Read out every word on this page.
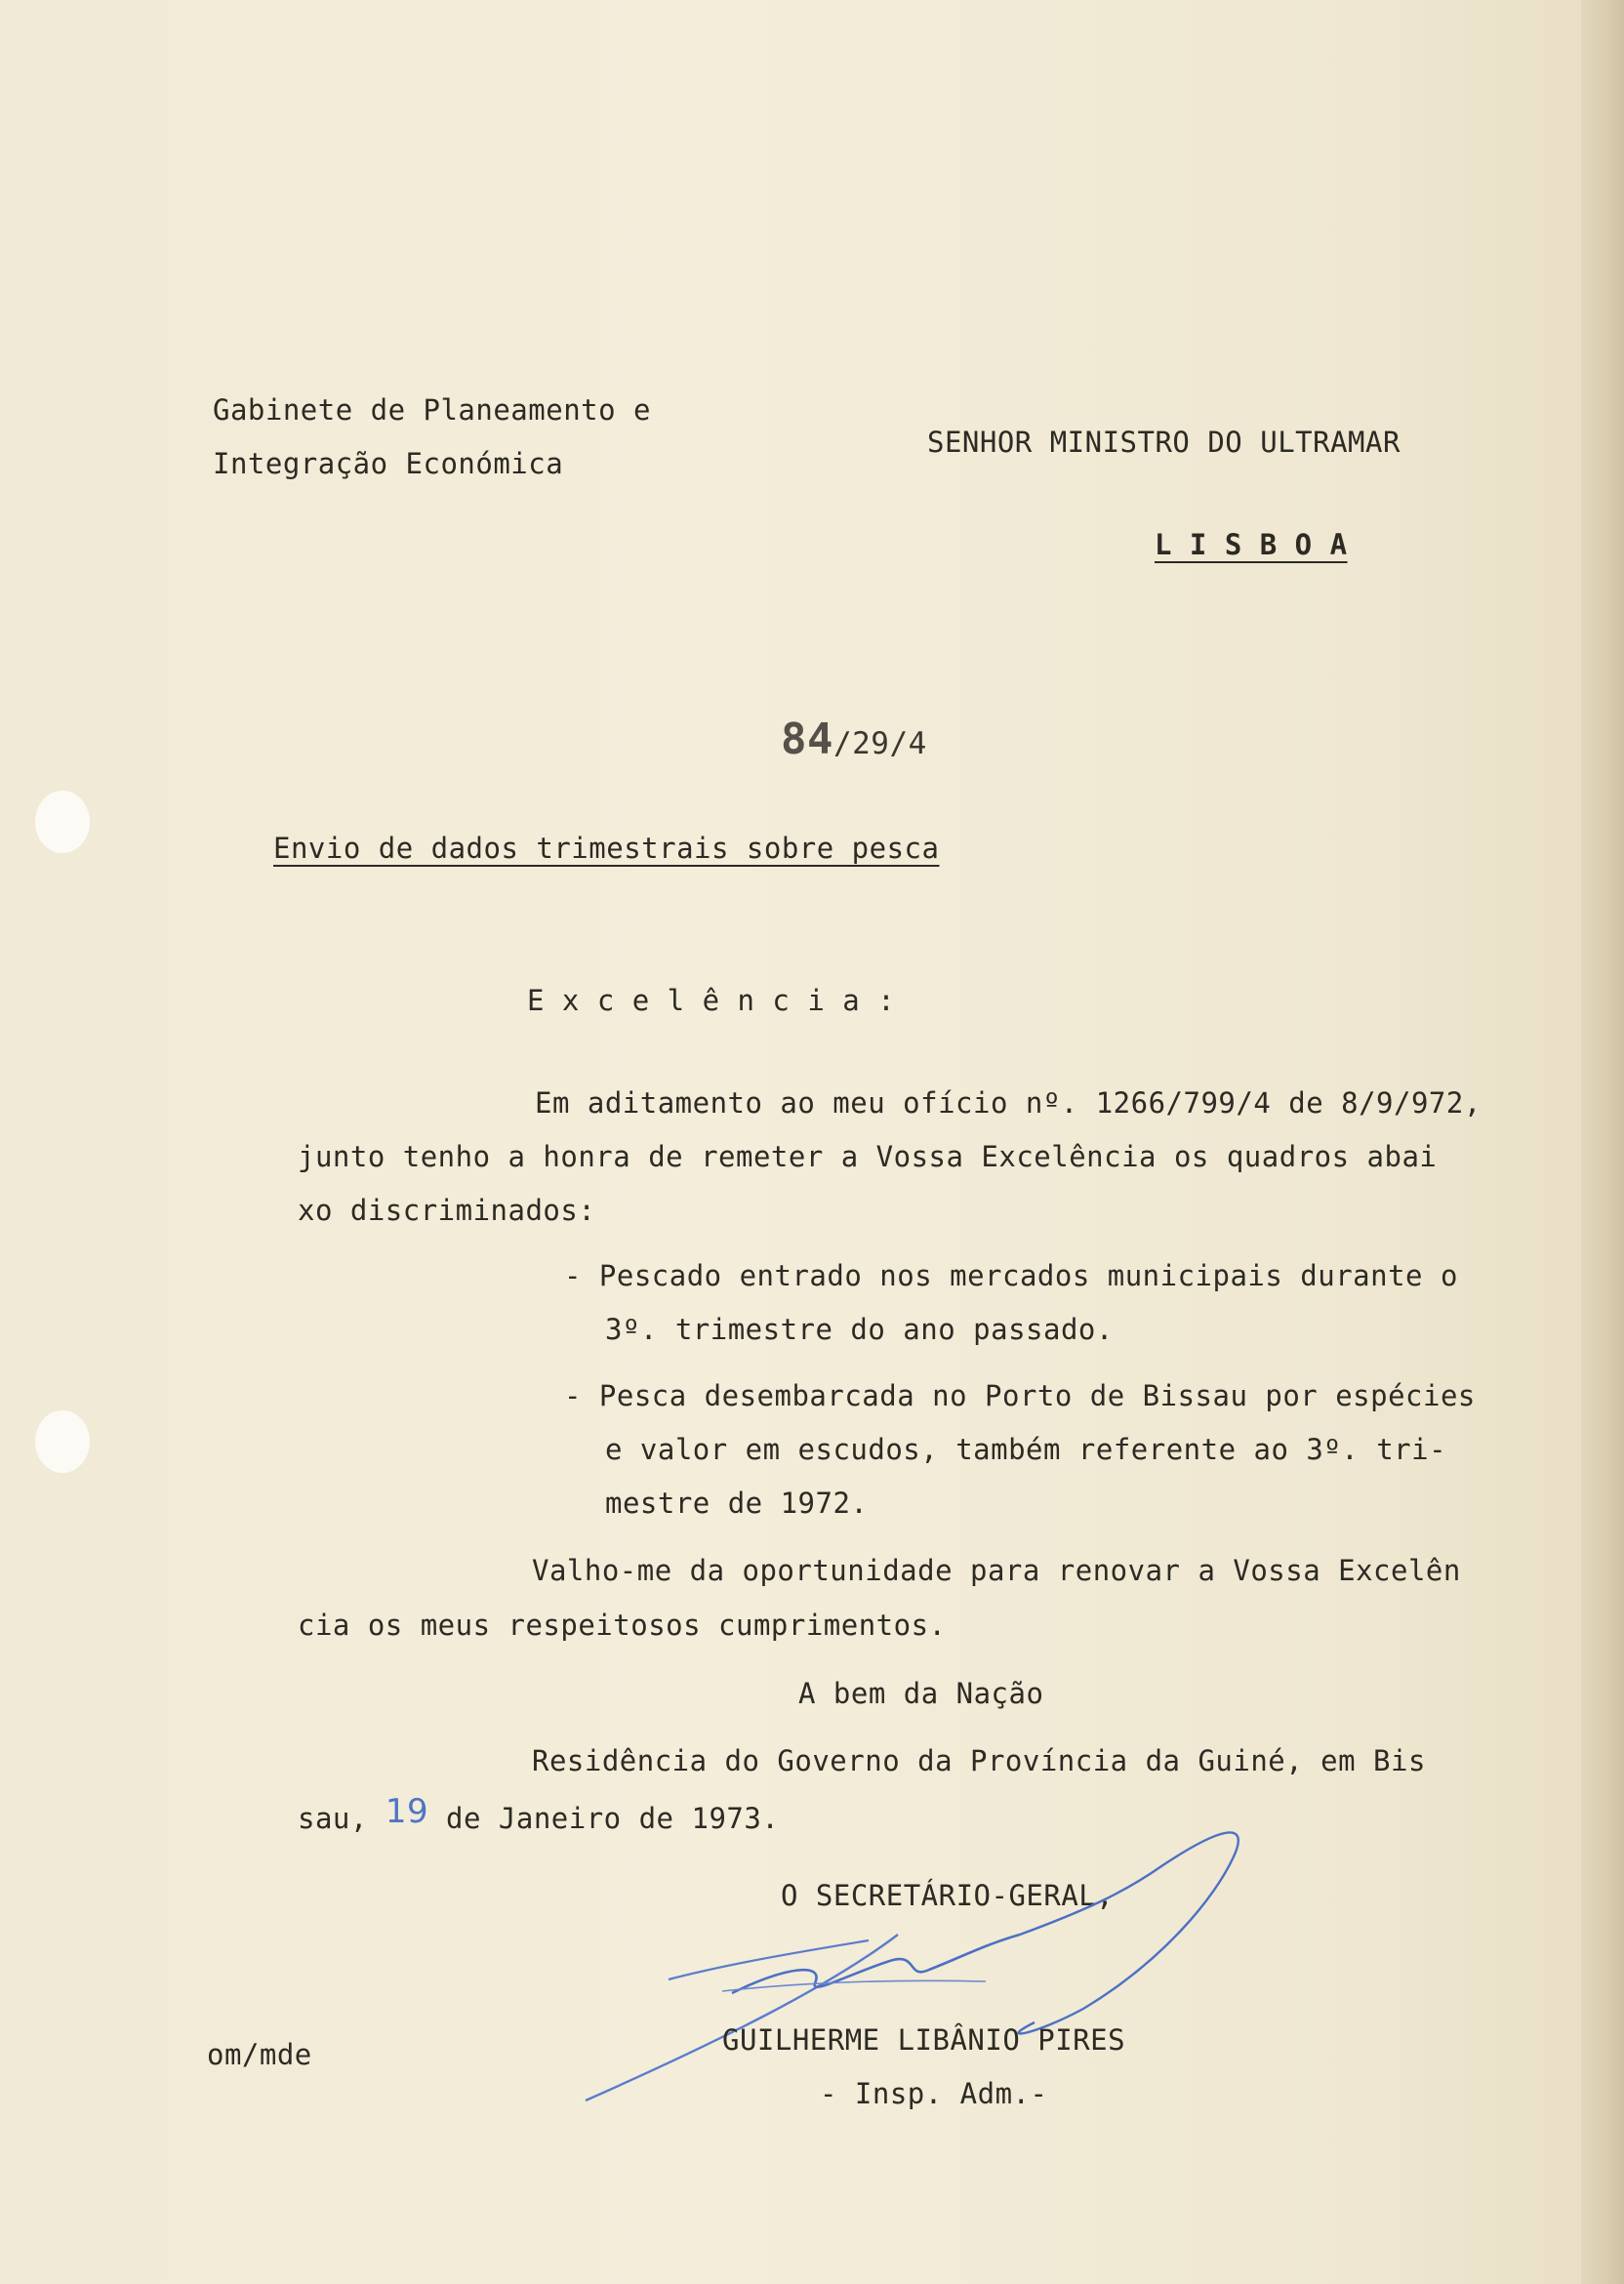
Gabinete de Planeamento e
Integração Económica
SENHOR MINISTRO DO ULTRAMAR
L I S B O A
84/29/4
Envio de dados trimestrais sobre pesca
E x c e l ê n c i a :
Em aditamento ao meu ofício nº. 1266/799/4 de 8/9/972,
junto tenho a honra de remeter a Vossa Excelência os quadros abai
xo discriminados:
- Pescado entrado nos mercados municipais durante o
3º. trimestre do ano passado.
- Pesca desembarcada no Porto de Bissau por espécies
e valor em escudos, também referente ao 3º. tri-
mestre de 1972.
Valho-me da oportunidade para renovar a Vossa Excelên
cia os meus respeitosos cumprimentos.
A bem da Nação
Residência do Governo da Província da Guiné, em Bis
sau, 19 de Janeiro de 1973.
O SECRETÁRIO-GERAL,
GUILHERME LIBÂNIO PIRES
- Insp. Adm.-
om/mde
